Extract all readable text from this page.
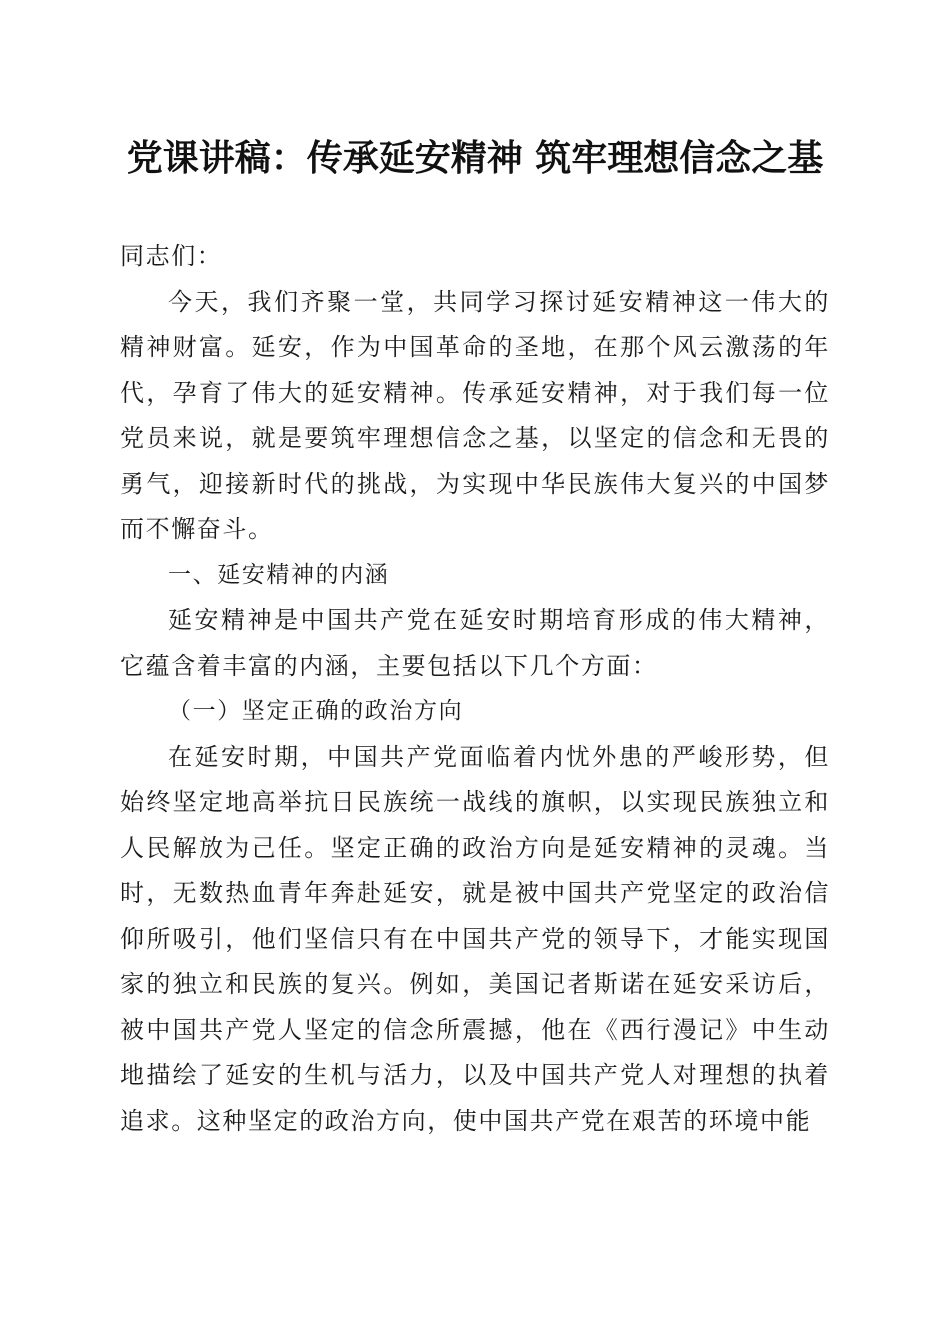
党课讲稿：传承延安精神 筑牢理想信念之基

同志们：

今天，我们齐聚一堂，共同学习探讨延安精神这一伟大的精神财富。延安，作为中国革命的圣地，在那个风云激荡的年代，孕育了伟大的延安精神。传承延安精神，对于我们每一位党员来说，就是要筑牢理想信念之基，以坚定的信念和无畏的勇气，迎接新时代的挑战，为实现中华民族伟大复兴的中国梦而不懈奋斗。

一、延安精神的内涵

延安精神是中国共产党在延安时期培育形成的伟大精神，它蕴含着丰富的内涵，主要包括以下几个方面：

（一）坚定正确的政治方向

在延安时期，中国共产党面临着内忧外患的严峻形势，但始终坚定地高举抗日民族统一战线的旗帜，以实现民族独立和人民解放为己任。坚定正确的政治方向是延安精神的灵魂。当时，无数热血青年奔赴延安，就是被中国共产党坚定的政治信仰所吸引，他们坚信只有在中国共产党的领导下，才能实现国家的独立和民族的复兴。例如，美国记者斯诺在延安采访后，被中国共产党人坚定的信念所震撼，他在《西行漫记》中生动地描绘了延安的生机与活力，以及中国共产党人对理想的执着追求。这种坚定的政治方向，使中国共产党在艰苦的环境中能
